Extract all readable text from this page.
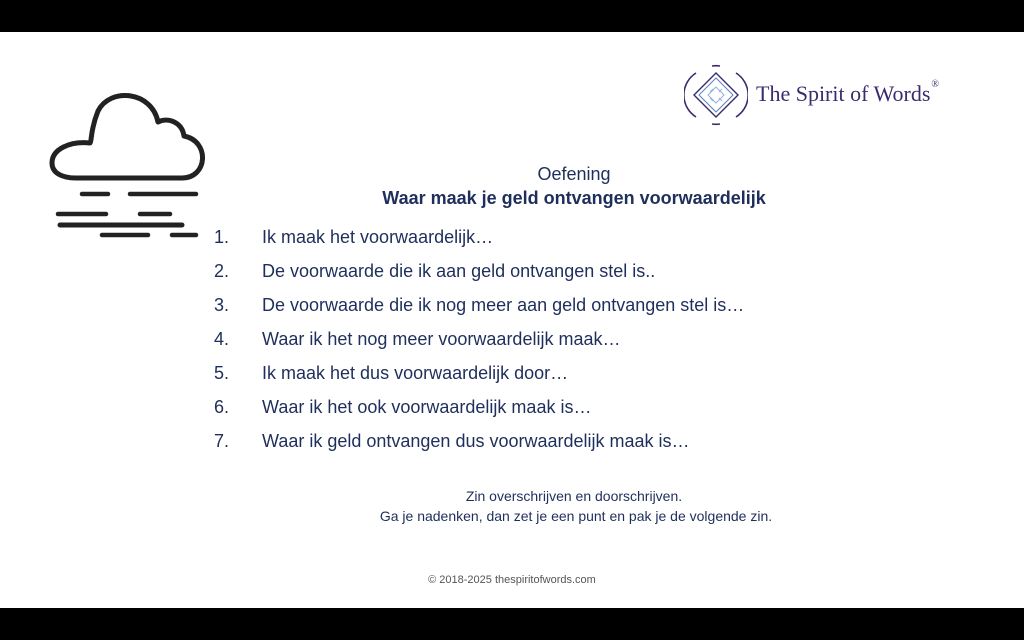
The Spirit of Words®
Oefening
Waar maak je geld ontvangen voorwaardelijk
1.	Ik maak het voorwaardelijk…
2.	De voorwaarde die ik aan geld ontvangen stel is..
3.	De voorwaarde die ik nog meer aan geld ontvangen stel is…
4.	Waar ik het nog meer voorwaardelijk maak…
5.	Ik maak het dus voorwaardelijk door…
6.	Waar ik het ook voorwaardelijk maak is…
7.	Waar ik geld ontvangen dus voorwaardelijk maak is…
Zin overschrijven en doorschrijven.
Ga je nadenken, dan zet je een punt en pak je de volgende zin.
© 2018-2025 thespiritofwords.com
